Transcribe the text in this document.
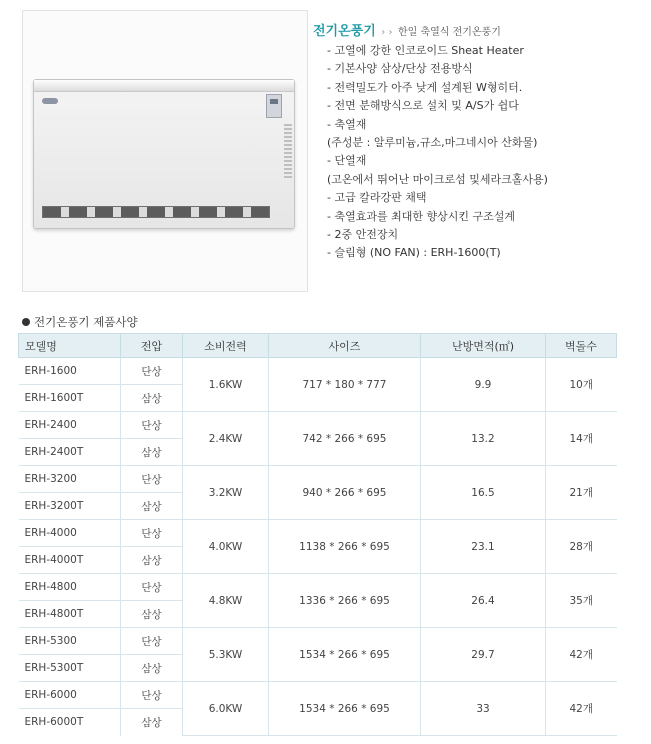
전기온풍기 › › 한일 축열식 전기온풍기
- 고열에 강한 인코로이드 Sheat Heater
- 기본사양 삼상/단상 전용방식
- 전력밀도가 아주 낮게 설계된 W형히터.
- 전면 분해방식으로 설치 및 A/S가 쉽다
- 축열재
(주성분 : 알루미늄,규소,마그네시아 산화물)
- 단열재
(고온에서 뛰어난 마이크로섬 및세라크홀사용)
- 고급 칼라강판 채택
- 축열효과를 최대한 향상시킨 구조설계
- 2중 안전장치
- 슬림형 (NO FAN) : ERH-1600(T)
전기온풍기 제품사양
모델명	전압	소비전력	사이즈	난방면적(㎡)	벽돌수
ERH-1600	단상	1.6KW	717 * 180 * 777	9.9	10개
ERH-1600T	삼상				
ERH-2400	단상	2.4KW	742 * 266 * 695	13.2	14개
ERH-2400T	삼상				
ERH-3200	단상	3.2KW	940 * 266 * 695	16.5	21개
ERH-3200T	삼상				
ERH-4000	단상	4.0KW	1138 * 266 * 695	23.1	28개
ERH-4000T	삼상				
ERH-4800	단상	4.8KW	1336 * 266 * 695	26.4	35개
ERH-4800T	삼상				
ERH-5300	단상	5.3KW	1534 * 266 * 695	29.7	42개
ERH-5300T	삼상				
ERH-6000	단상	6.0KW	1534 * 266 * 695	33	42개
ERH-6000T	삼상				
